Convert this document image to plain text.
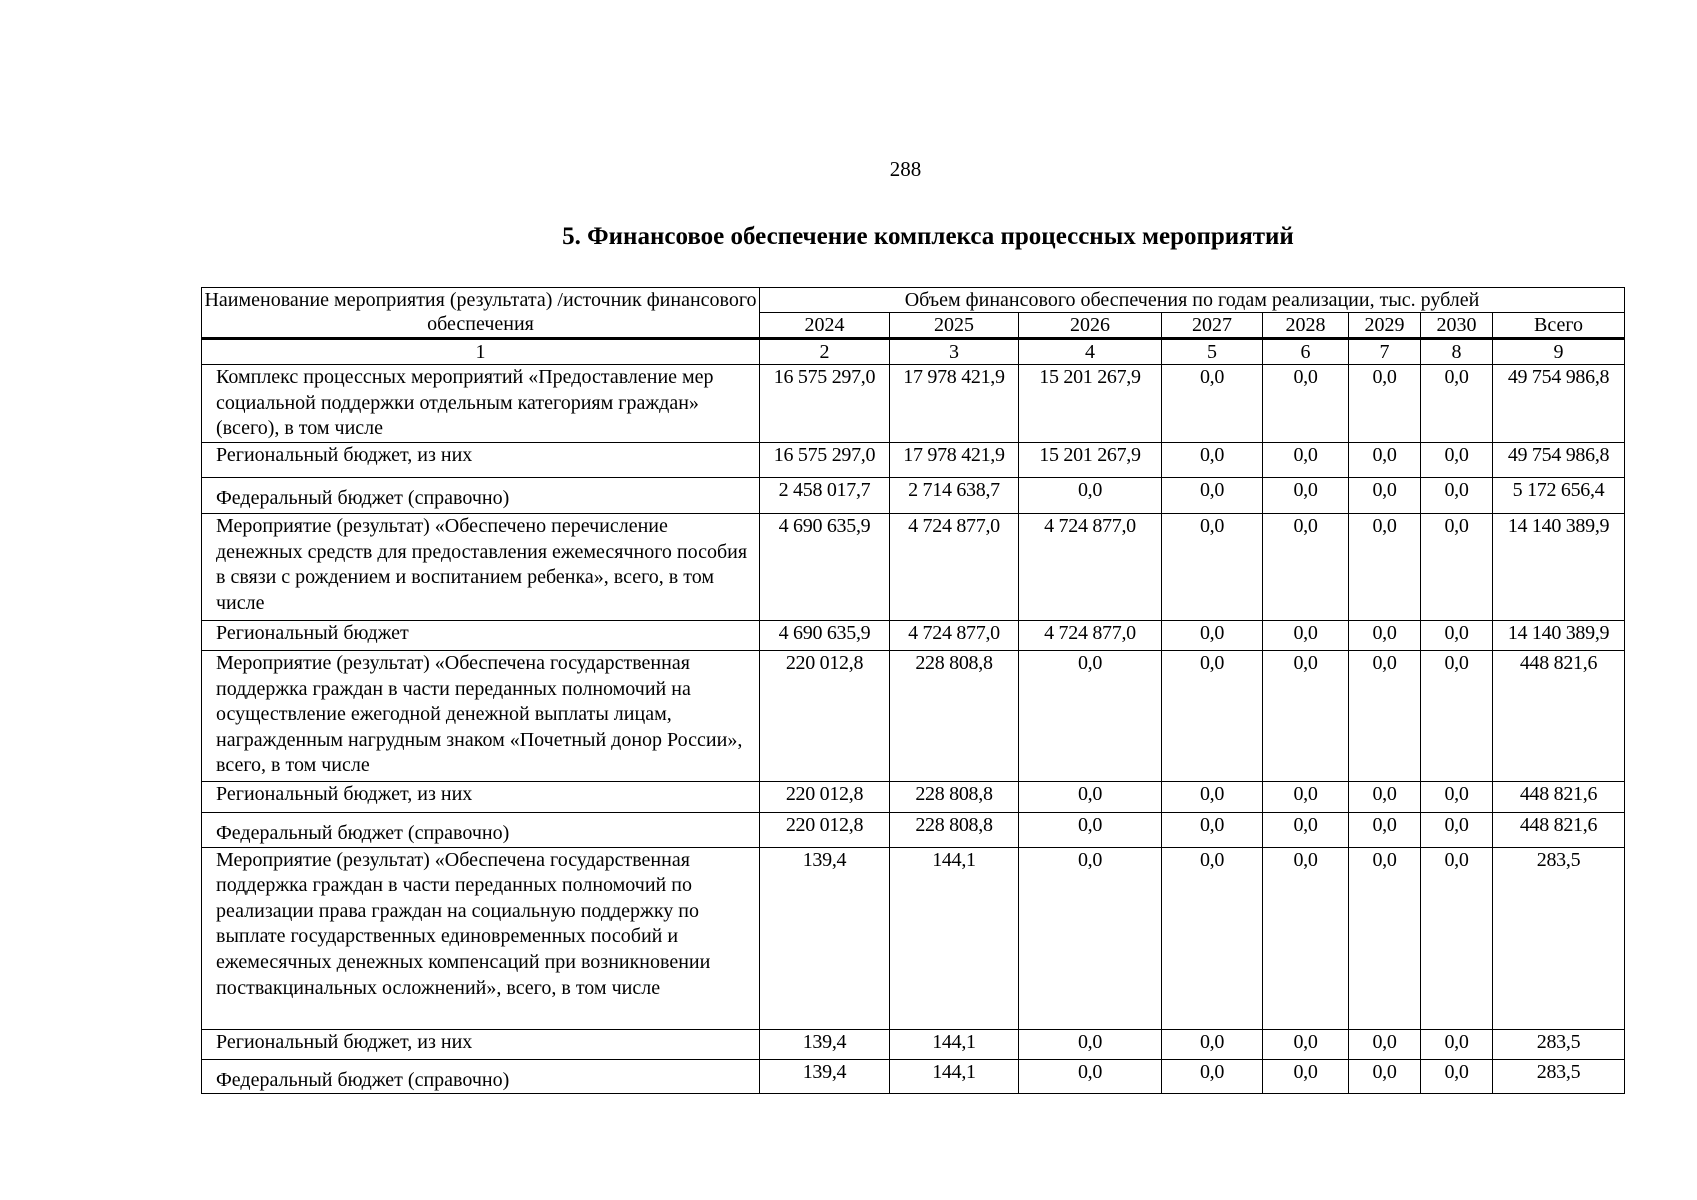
288
5. Финансовое обеспечение комплекса процессных мероприятий
Наименование мероприятия (результата) /источник финансового обеспечения	Объем финансового обеспечения по годам реализации, тыс. рублей							
	2024	2025	2026	2027	2028	2029	2030	Всего
1	2	3	4	5	6	7	8	9
Комплекс процессных мероприятий «Предоставление мер социальной поддержки отдельным категориям граждан» (всего), в том числе	16 575 297,0	17 978 421,9	15 201 267,9	0,0	0,0	0,0	0,0	49 754 986,8
Региональный бюджет, из них	16 575 297,0	17 978 421,9	15 201 267,9	0,0	0,0	0,0	0,0	49 754 986,8
Федеральный бюджет (справочно)	2 458 017,7	2 714 638,7	0,0	0,0	0,0	0,0	0,0	5 172 656,4
Мероприятие (результат) «Обеспечено перечисление денежных средств для предоставления ежемесячного пособия в связи с рождением и воспитанием ребенка», всего, в том числе	4 690 635,9	4 724 877,0	4 724 877,0	0,0	0,0	0,0	0,0	14 140 389,9
Региональный бюджет	4 690 635,9	4 724 877,0	4 724 877,0	0,0	0,0	0,0	0,0	14 140 389,9
Мероприятие (результат) «Обеспечена государственная поддержка граждан в части переданных полномочий на осуществление ежегодной денежной выплаты лицам, награжденным нагрудным знаком «Почетный донор России», всего, в том числе	220 012,8	228 808,8	0,0	0,0	0,0	0,0	0,0	448 821,6
Региональный бюджет, из них	220 012,8	228 808,8	0,0	0,0	0,0	0,0	0,0	448 821,6
Федеральный бюджет (справочно)	220 012,8	228 808,8	0,0	0,0	0,0	0,0	0,0	448 821,6
Мероприятие (результат) «Обеспечена государственная поддержка граждан в части переданных полномочий по реализации права граждан на социальную поддержку по выплате государственных единовременных пособий и ежемесячных денежных компенсаций при возникновении поствакцинальных осложнений», всего, в том числе	139,4	144,1	0,0	0,0	0,0	0,0	0,0	283,5
Региональный бюджет, из них	139,4	144,1	0,0	0,0	0,0	0,0	0,0	283,5
Федеральный бюджет (справочно)	139,4	144,1	0,0	0,0	0,0	0,0	0,0	283,5
